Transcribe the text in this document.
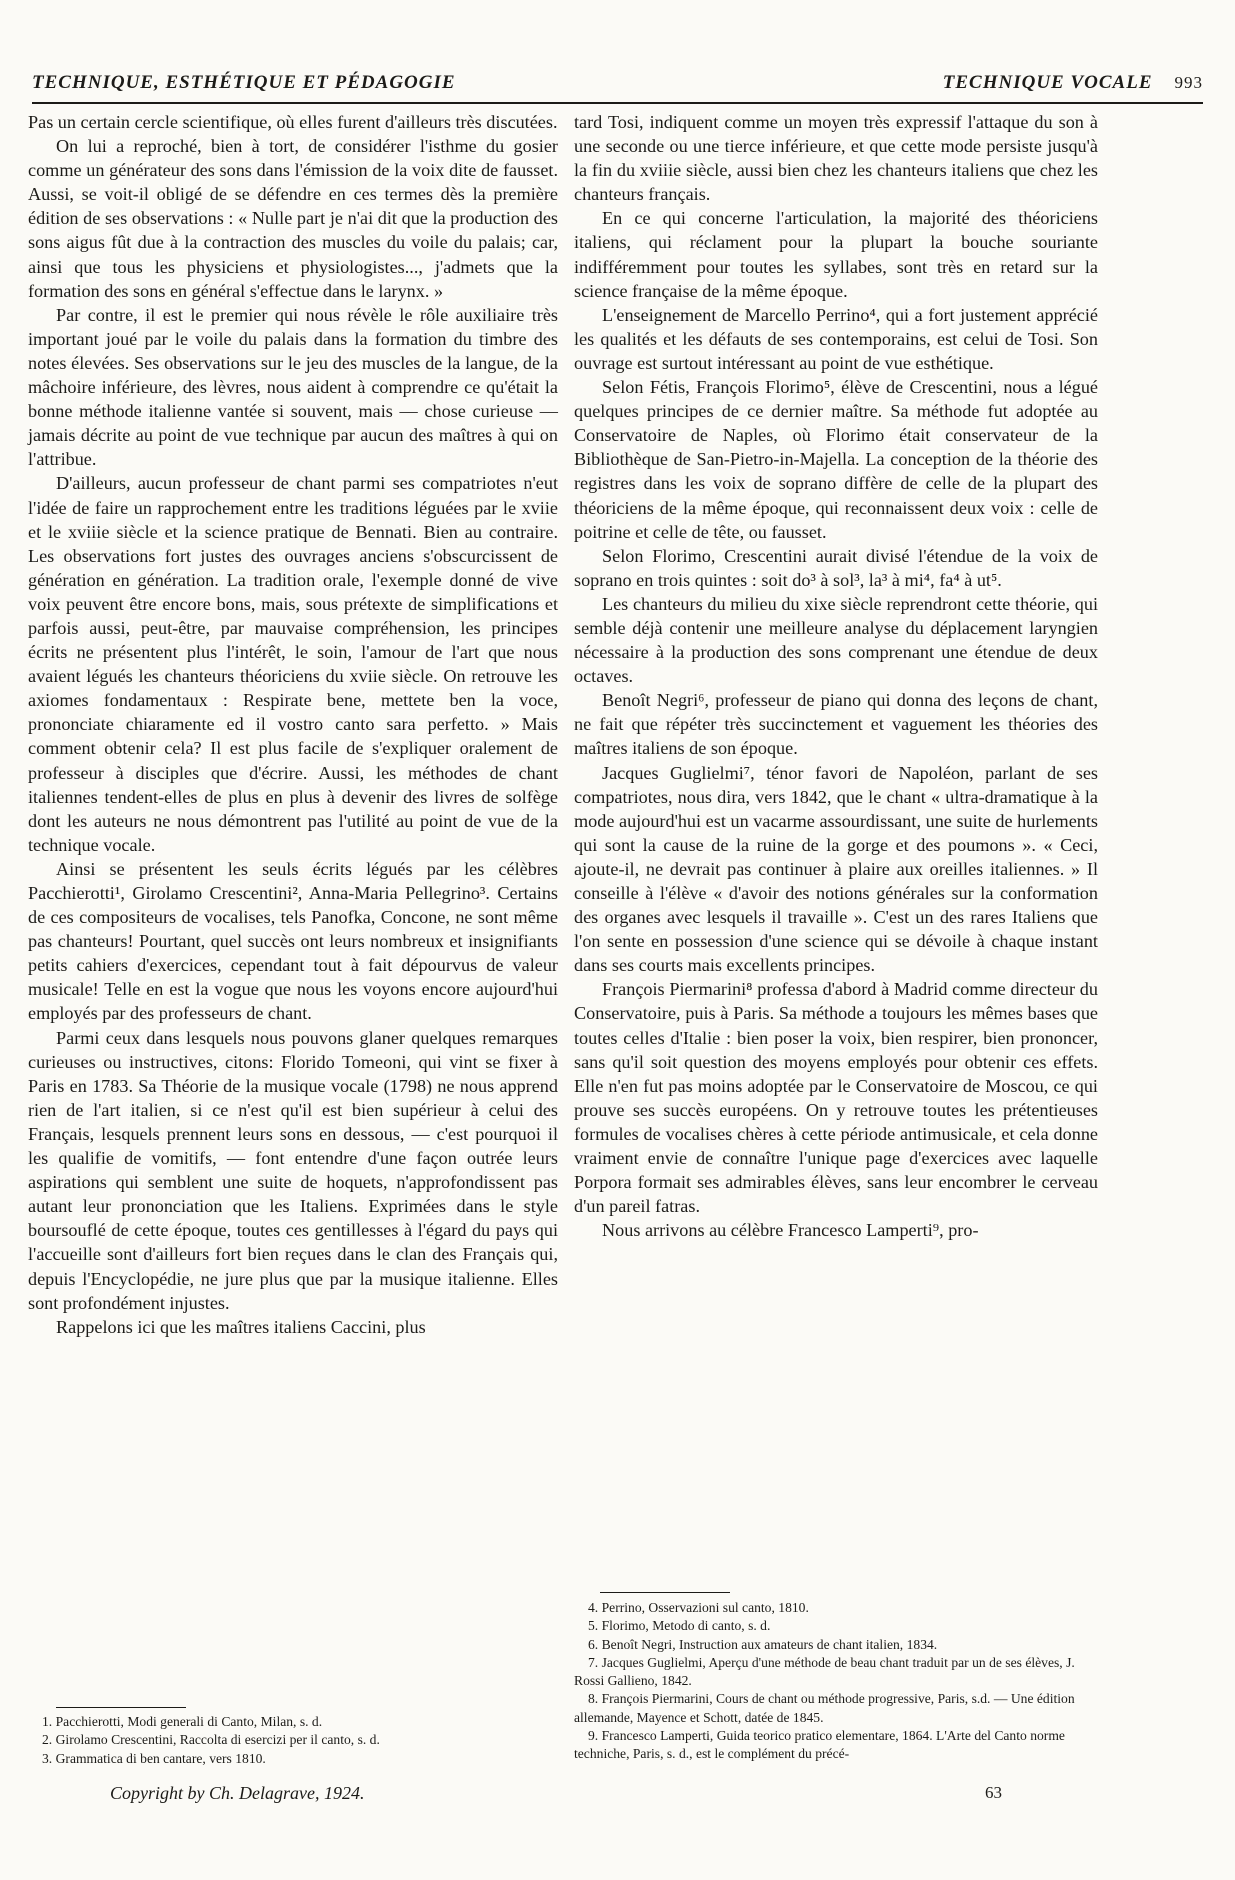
TECHNIQUE, ESTHÉTIQUE ET PÉDAGOGIE	TECHNIQUE VOCALE 993

Pas un certain cercle scientifique, où elles furent d'ailleurs très discutées.

On lui a reproché, bien à tort, de considérer l'isthme du gosier comme un générateur des sons dans l'émission de la voix dite de fausset. Aussi, se voit-il obligé de se défendre en ces termes dès la première édition de ses observations : « Nulle part je n'ai dit que la production des sons aigus fût due à la contraction des muscles du voile du palais; car, ainsi que tous les physiciens et physiologistes..., j'admets que la formation des sons en général s'effectue dans le larynx. »

Par contre, il est le premier qui nous révèle le rôle auxiliaire très important joué par le voile du palais dans la formation du timbre des notes élevées. Ses observations sur le jeu des muscles de la langue, de la mâchoire inférieure, des lèvres, nous aident à comprendre ce qu'était la bonne méthode italienne vantée si souvent, mais — chose curieuse — jamais décrite au point de vue technique par aucun des maîtres à qui on l'attribue.

D'ailleurs, aucun professeur de chant parmi ses compatriotes n'eut l'idée de faire un rapprochement entre les traditions léguées par le xviie et le xviiie siècle et la science pratique de Bennati. Bien au contraire. Les observations fort justes des ouvrages anciens s'obscurcissent de génération en génération. La tradition orale, l'exemple donné de vive voix peuvent être encore bons, mais, sous prétexte de simplifications et parfois aussi, peut-être, par mauvaise compréhension, les principes écrits ne présentent plus l'intérêt, le soin, l'amour de l'art que nous avaient légués les chanteurs théoriciens du xviie siècle. On retrouve les axiomes fondamentaux : Respirate bene, mettete ben la voce, prononciate chiaramente ed il vostro canto sara perfetto. » Mais comment obtenir cela? Il est plus facile de s'expliquer oralement de professeur à disciples que d'écrire. Aussi, les méthodes de chant italiennes tendent-elles de plus en plus à devenir des livres de solfège dont les auteurs ne nous démontrent pas l'utilité au point de vue de la technique vocale.

Ainsi se présentent les seuls écrits légués par les célèbres Pacchierotti¹, Girolamo Crescentini², Anna-Maria Pellegrino³. Certains de ces compositeurs de vocalises, tels Panofka, Concone, ne sont même pas chanteurs! Pourtant, quel succès ont leurs nombreux et insignifiants petits cahiers d'exercices, cependant tout à fait dépourvus de valeur musicale! Telle en est la vogue que nous les voyons encore aujourd'hui employés par des professeurs de chant.

Parmi ceux dans lesquels nous pouvons glaner quelques remarques curieuses ou instructives, citons: Florido Tomeoni, qui vint se fixer à Paris en 1783. Sa Théorie de la musique vocale (1798) ne nous apprend rien de l'art italien, si ce n'est qu'il est bien supérieur à celui des Français, lesquels prennent leurs sons en dessous, — c'est pourquoi il les qualifie de vomitifs, — font entendre d'une façon outrée leurs aspirations qui semblent une suite de hoquets, n'approfondissent pas autant leur prononciation que les Italiens. Exprimées dans le style boursouflé de cette époque, toutes ces gentillesses à l'égard du pays qui l'accueille sont d'ailleurs fort bien reçues dans le clan des Français qui, depuis l'Encyclopédie, ne jure plus que par la musique italienne. Elles sont profondément injustes.

Rappelons ici que les maîtres italiens Caccini, plus

tard Tosi, indiquent comme un moyen très expressif l'attaque du son à une seconde ou une tierce inférieure, et que cette mode persiste jusqu'à la fin du xviiie siècle, aussi bien chez les chanteurs italiens que chez les chanteurs français.

En ce qui concerne l'articulation, la majorité des théoriciens italiens, qui réclament pour la plupart la bouche souriante indifféremment pour toutes les syllabes, sont très en retard sur la science française de la même époque.

L'enseignement de Marcello Perrino⁴, qui a fort justement apprécié les qualités et les défauts de ses contemporains, est celui de Tosi. Son ouvrage est surtout intéressant au point de vue esthétique.

Selon Fétis, François Florimo⁵, élève de Crescentini, nous a légué quelques principes de ce dernier maître. Sa méthode fut adoptée au Conservatoire de Naples, où Florimo était conservateur de la Bibliothèque de San-Pietro-in-Majella. La conception de la théorie des registres dans les voix de soprano diffère de celle de la plupart des théoriciens de la même époque, qui reconnaissent deux voix : celle de poitrine et celle de tête, ou fausset.

Selon Florimo, Crescentini aurait divisé l'étendue de la voix de soprano en trois quintes : soit do³ à sol³, la³ à mi⁴, fa⁴ à ut⁵.

Les chanteurs du milieu du xixe siècle reprendront cette théorie, qui semble déjà contenir une meilleure analyse du déplacement laryngien nécessaire à la production des sons comprenant une étendue de deux octaves.

Benoît Negri⁶, professeur de piano qui donna des leçons de chant, ne fait que répéter très succinctement et vaguement les théories des maîtres italiens de son époque.

Jacques Guglielmi⁷, ténor favori de Napoléon, parlant de ses compatriotes, nous dira, vers 1842, que le chant « ultra-dramatique à la mode aujourd'hui est un vacarme assourdissant, une suite de hurlements qui sont la cause de la ruine de la gorge et des poumons ». « Ceci, ajoute-il, ne devrait pas continuer à plaire aux oreilles italiennes. » Il conseille à l'élève « d'avoir des notions générales sur la conformation des organes avec lesquels il travaille ». C'est un des rares Italiens que l'on sente en possession d'une science qui se dévoile à chaque instant dans ses courts mais excellents principes.

François Piermarini⁸ professa d'abord à Madrid comme directeur du Conservatoire, puis à Paris. Sa méthode a toujours les mêmes bases que toutes celles d'Italie : bien poser la voix, bien respirer, bien prononcer, sans qu'il soit question des moyens employés pour obtenir ces effets. Elle n'en fut pas moins adoptée par le Conservatoire de Moscou, ce qui prouve ses succès européens. On y retrouve toutes les prétentieuses formules de vocalises chères à cette période antimusicale, et cela donne vraiment envie de connaître l'unique page d'exercices avec laquelle Porpora formait ses admirables élèves, sans leur encombrer le cerveau d'un pareil fatras.

Nous arrivons au célèbre Francesco Lamperti⁹, pro-

4. Perrino, Osservazioni sul canto, 1810.
5. Florimo, Metodo di canto, s. d.
6. Benoît Negri, Instruction aux amateurs de chant italien, 1834.
7. Jacques Guglielmi, Aperçu d'une méthode de beau chant traduit par un de ses élèves, J. Rossi Gallieno, 1842.
8. François Piermarini, Cours de chant ou méthode progressive, Paris, s.d. — Une édition allemande, Mayence et Schott, datée de 1845.
9. Francesco Lamperti, Guida teorico pratico elementare, 1864. L'Arte del Canto norme techniche, Paris, s. d., est le complément du précé-
1. Pacchierotti, Modi generali di Canto, Milan, s. d.
2. Girolamo Crescentini, Raccolta di esercizi per il canto, s. d.
3. Grammatica di ben cantare, vers 1810.
Copyright by Ch. Delagrave, 1924.	63
